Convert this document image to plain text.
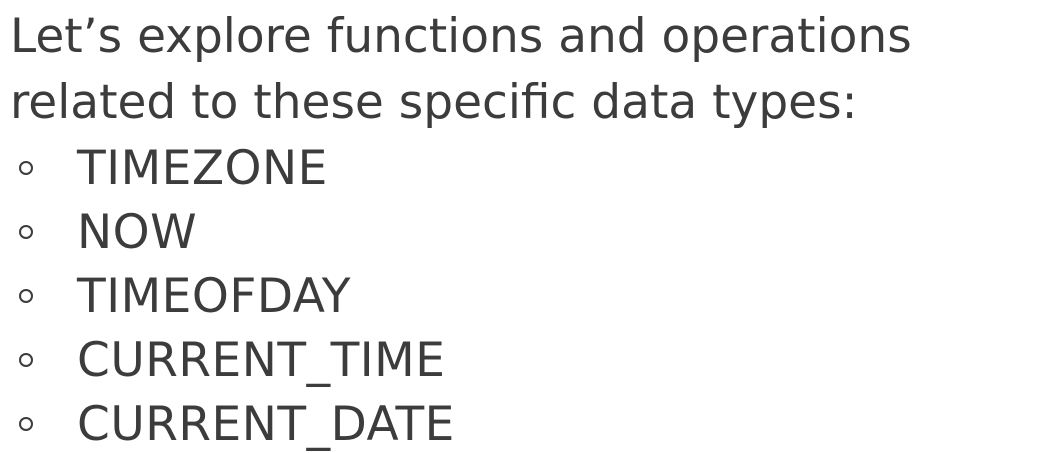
Let’s explore functions and operations
related to these specific data types:
TIMEZONE
NOW
TIMEOFDAY
CURRENT_TIME
CURRENT_DATE
